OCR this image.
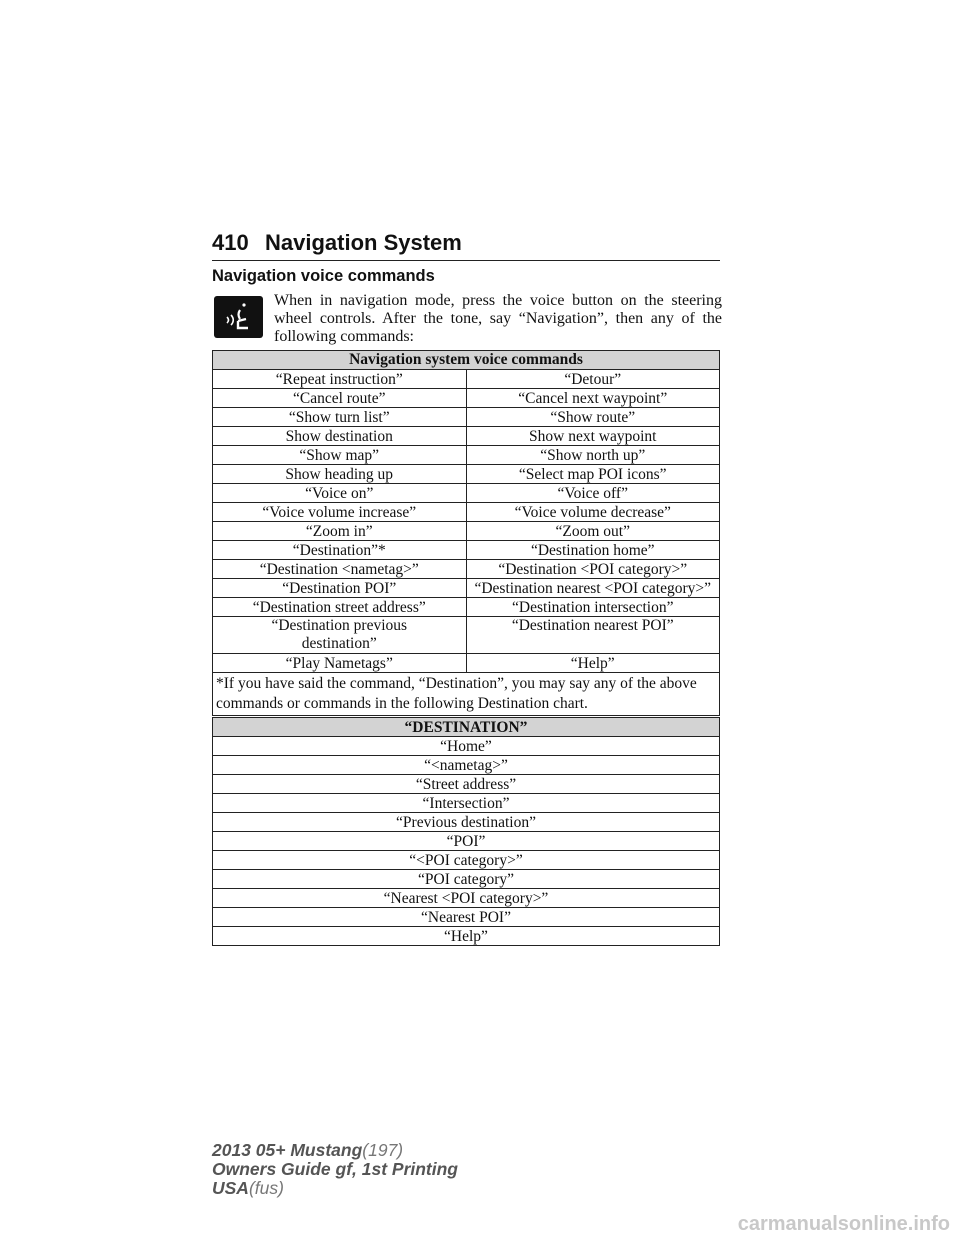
410 Navigation System
Navigation voice commands
When in navigation mode, press the voice button on the steering wheel controls. After the tone, say “Navigation”, then any of the following commands:
Navigation system voice commands	
“Repeat instruction”	“Detour”
“Cancel route”	“Cancel next waypoint”
“Show turn list”	“Show route”
Show destination	Show next waypoint
“Show map”	“Show north up”
Show heading up	“Select map POI icons”
“Voice on”	“Voice off”
“Voice volume increase”	“Voice volume decrease”
“Zoom in”	“Zoom out”
“Destination”*	“Destination home”
“Destination <nametag>”	“Destination <POI category>”
“Destination POI”	“Destination nearest <POI category>”
“Destination street address”	“Destination intersection”
“Destination previous destination”	“Destination nearest POI”
“Play Nametags”	“Help”
*If you have said the command, “Destination”, you may say any of the above commands or commands in the following Destination chart.	
“DESTINATION”
“Home”
“<nametag>”
“Street address”
“Intersection”
“Previous destination”
“POI”
“<POI category>”
“POI category”
“Nearest <POI category>”
“Nearest POI”
“Help”
2013 05+ Mustang(197)
Owners Guide gf, 1st Printing
USA(fus)
carmanualsonline.info
